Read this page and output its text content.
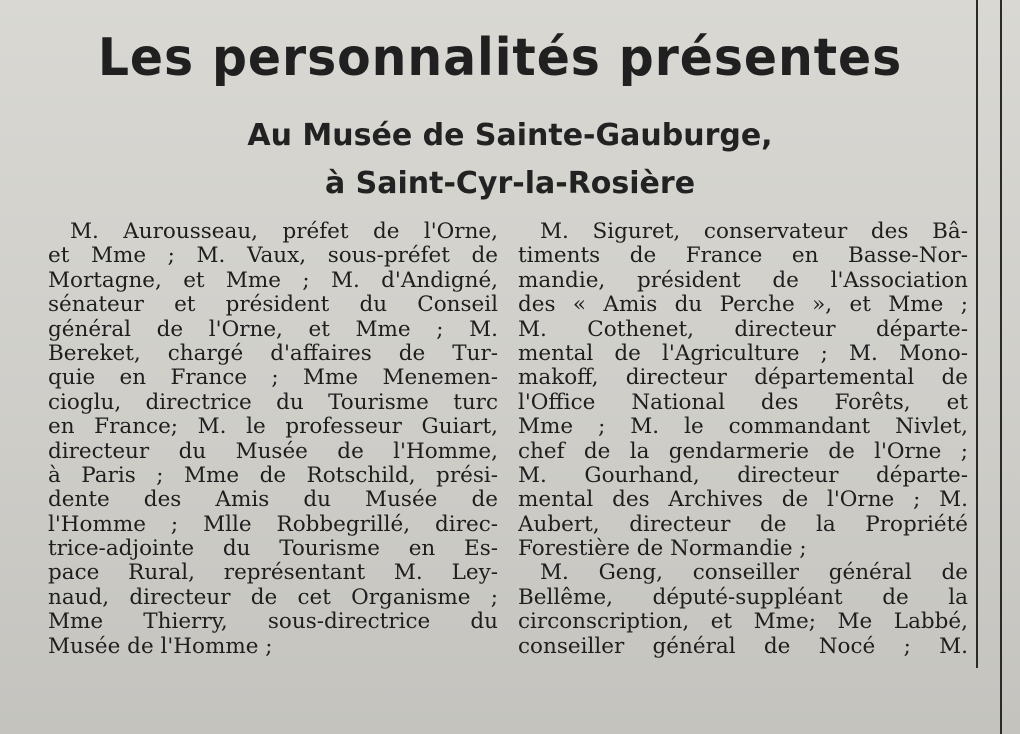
Les personnalités présentes
Au Musée de Sainte-Gauburge,
à Saint-Cyr-la-Rosière
M. Aurousseau, préfet de l'Orne,
et Mme ; M. Vaux, sous-préfet de
Mortagne, et Mme ; M. d'Andigné,
sénateur et président du Conseil
général de l'Orne, et Mme ; M.
Bereket, chargé d'affaires de Tur-
quie en France ; Mme Menemen-
cioglu, directrice du Tourisme turc
en France; M. le professeur Guiart,
directeur du Musée de l'Homme,
à Paris ; Mme de Rotschild, prési-
dente des Amis du Musée de
l'Homme ; Mlle Robbegrillé, direc-
trice-adjointe du Tourisme en Es-
pace Rural, représentant M. Ley-
naud, directeur de cet Organisme ;
Mme Thierry, sous-directrice du
Musée de l'Homme ;
M. Siguret, conservateur des Bâ-
timents de France en Basse-Nor-
mandie, président de l'Association
des « Amis du Perche », et Mme ;
M. Cothenet, directeur départe-
mental de l'Agriculture ; M. Mono-
makoff, directeur départemental de
l'Office National des Forêts, et
Mme ; M. le commandant Nivlet,
chef de la gendarmerie de l'Orne ;
M. Gourhand, directeur départe-
mental des Archives de l'Orne ; M.
Aubert, directeur de la Propriété
Forestière de Normandie ;
M. Geng, conseiller général de
Bellême, député-suppléant de la
circonscription, et Mme; Me Labbé,
conseiller général de Nocé ; M.
